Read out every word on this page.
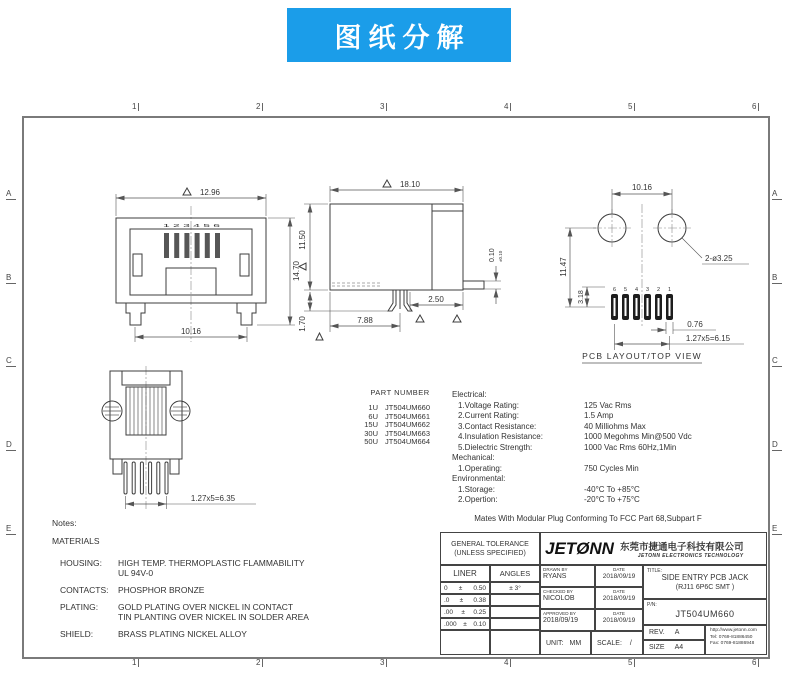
图纸分解
1	2	3	4	5	6
1	2	3	4	5	6
A
B
C
D
E
A
B
C
D
E
1 2 3 4 5 6
12.96
14.70
10.16
18.10
11.50
1.70	7.88
2.50
0.10 ±0.10
10.16
2-ø3.25
11.47
3.18
6 5 4 3 2 1
0.76
1.27x5=6.15
PCB LAYOUT/TOP VIEW
1.27x5=6.35
PART NUMBER
1U JT504UM660
6U JT504UM661
15U JT504UM662
30U JT504UM663
50U JT504UM664
Electrical:
1.Voltage Rating:	125 Vac Rms
2.Current Rating:	1.5 Amp
3.Contact Resistance:	40 Milliohms Max
4.Insulation Resistance:	1000 Megohms Min@500 Vdc
5.Dielectric Strength:	1000 Vac Rms 60Hz,1Min
Mechanical:
1.Operating:	750 Cycles Min
Environmental:
1.Storage:	-40°C To +85°C
2.Opertion:	-20°C To +75°C
Mates With Modular Plug Conforming To FCC Part 68,Subpart F
Notes:
MATERIALS
HOUSING:	HIGH TEMP. THERMOPLASTIC FLAMMABILITY
UL 94V-0
CONTACTS:	PHOSPHOR BRONZE
PLATING:	GOLD PLATING OVER NICKEL IN CONTACT
TIN PLANTING OVER NICKEL IN SOLDER AREA
SHIELD:	BRASS PLATING NICKEL ALLOY
GENERAL TOLERANCE
(UNLESS SPECIFIED)
LINER	ANGLES
0 ± 0.50
.0 ± 0.38
.00 ± 0.25
.000 ± 0.10
± 3°
JETØNN 东莞市捷通电子科技有限公司
JETONN ELECTRONICS TECHNOLOGY
DRAWN BY
RYANS
DATE
2018/09/19
CHECKED BY
NICOLOB
DATE
2018/09/19
APPROVED BY
2018/09/19
DATE
2018/09/19
UNIT: MM SCALE: /
TITLE:
SIDE ENTRY PCB JACK
(RJ11 6P6C SMT )
P/N:
JT504UM660
REV. A
SIZE A4
http://www.jetonn.com
Tel: 0769-81886450
Fax: 0769-81886948
